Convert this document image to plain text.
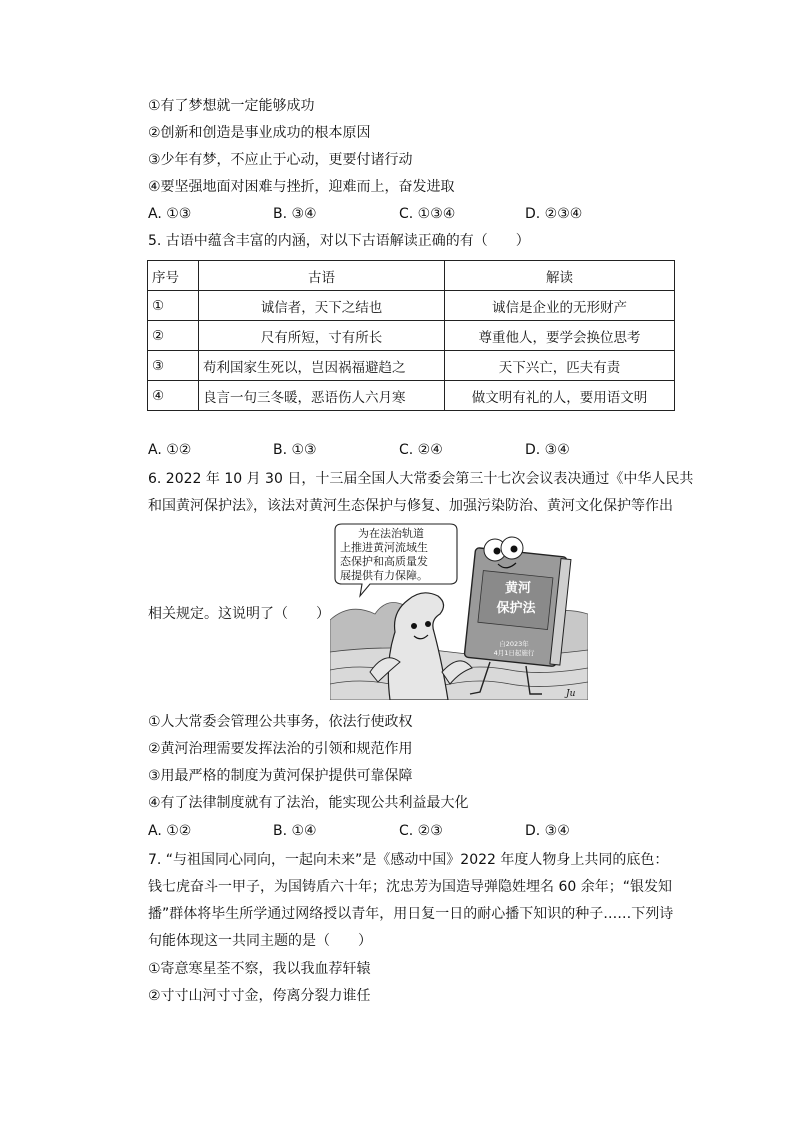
①有了梦想就一定能够成功
②创新和创造是事业成功的根本原因
③少年有梦，不应止于心动，更要付诸行动
④要坚强地面对困难与挫折，迎难而上，奋发进取
A. ①③	B. ③④	C. ①③④	D. ②③④
5. 古语中蕴含丰富的内涵，对以下古语解读正确的有（　　）
序号	古语	解读
①	诚信者，天下之结也	诚信是企业的无形财产
②	尺有所短，寸有所长	尊重他人，要学会换位思考
③	苟利国家生死以，岂因祸福避趋之	天下兴亡，匹夫有责
④	良言一句三冬暖，恶语伤人六月寒	做文明有礼的人，要用语文明
A. ①②	B. ①③	C. ②④	D. ③④
6. 2022 年 10 月 30 日，十三届全国人大常委会第三十七次会议表决通过《中华人民共
和国黄河保护法》，该法对黄河生态保护与修复、加强污染防治、黄河文化保护等作出
相关规定。这说明了（　　）
黄河
保护法
自2023年
4月1日起施行
为在法治轨道
上推进黄河流域生
态保护和高质量发
展提供有力保障。
Ju
①人大常委会管理公共事务，依法行使政权
②黄河治理需要发挥法治的引领和规范作用
③用最严格的制度为黄河保护提供可靠保障
④有了法律制度就有了法治，能实现公共利益最大化
A. ①②	B. ①④	C. ②③	D. ③④
7. “与祖国同心同向，一起向未来”是《感动中国》2022 年度人物身上共同的底色：
钱七虎奋斗一甲子，为国铸盾六十年；沈忠芳为国造导弹隐姓埋名 60 余年；“银发知
播”群体将毕生所学通过网络授以青年，用日复一日的耐心播下知识的种子……下列诗
句能体现这一共同主题的是（　　）
①寄意寒星荃不察，我以我血荐轩辕
②寸寸山河寸寸金，侉离分裂力谁任
